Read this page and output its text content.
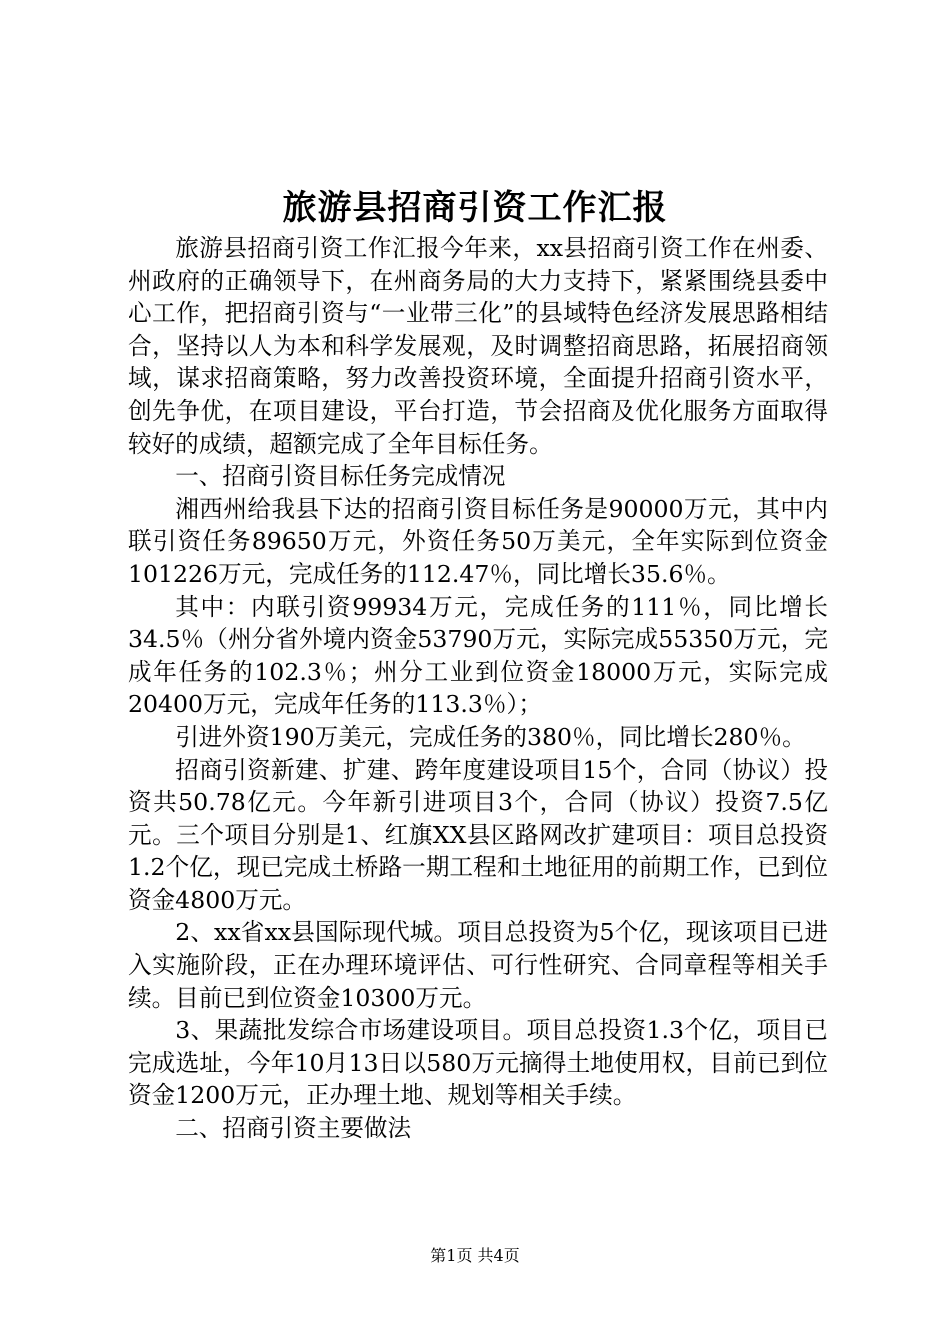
旅游县招商引资工作汇报

旅游县招商引资工作汇报今年来，xx县招商引资工作在州委、州政府的正确领导下，在州商务局的大力支持下，紧紧围绕县委中心工作，把招商引资与“一业带三化”的县域特色经济发展思路相结合，坚持以人为本和科学发展观，及时调整招商思路，拓展招商领域，谋求招商策略，努力改善投资环境，全面提升招商引资水平，创先争优，在项目建设，平台打造，节会招商及优化服务方面取得较好的成绩，超额完成了全年目标任务。

一、招商引资目标任务完成情况

湘西州给我县下达的招商引资目标任务是90000万元，其中内联引资任务89650万元，外资任务50万美元，全年实际到位资金101226万元，完成任务的112.47％，同比增长35.6％。

其中：内联引资99934万元，完成任务的111％，同比增长34.5％（州分省外境内资金53790万元，实际完成55350万元，完成年任务的102.3％；州分工业到位资金18000万元，实际完成20400万元，完成年任务的113.3％）；

引进外资190万美元，完成任务的380％，同比增长280％。

招商引资新建、扩建、跨年度建设项目15个，合同（协议）投资共50.78亿元。今年新引进项目3个，合同（协议）投资7.5亿元。三个项目分别是1、红旗XX县区路网改扩建项目：项目总投资1.2个亿，现已完成土桥路一期工程和土地征用的前期工作，已到位资金4800万元。

2、xx省xx县国际现代城。项目总投资为5个亿，现该项目已进入实施阶段，正在办理环境评估、可行性研究、合同章程等相关手续。目前已到位资金10300万元。

3、果蔬批发综合市场建设项目。项目总投资1.3个亿，项目已完成选址，今年10月13日以580万元摘得土地使用权，目前已到位资金1200万元，正办理土地、规划等相关手续。

二、招商引资主要做法

第1页 共4页
